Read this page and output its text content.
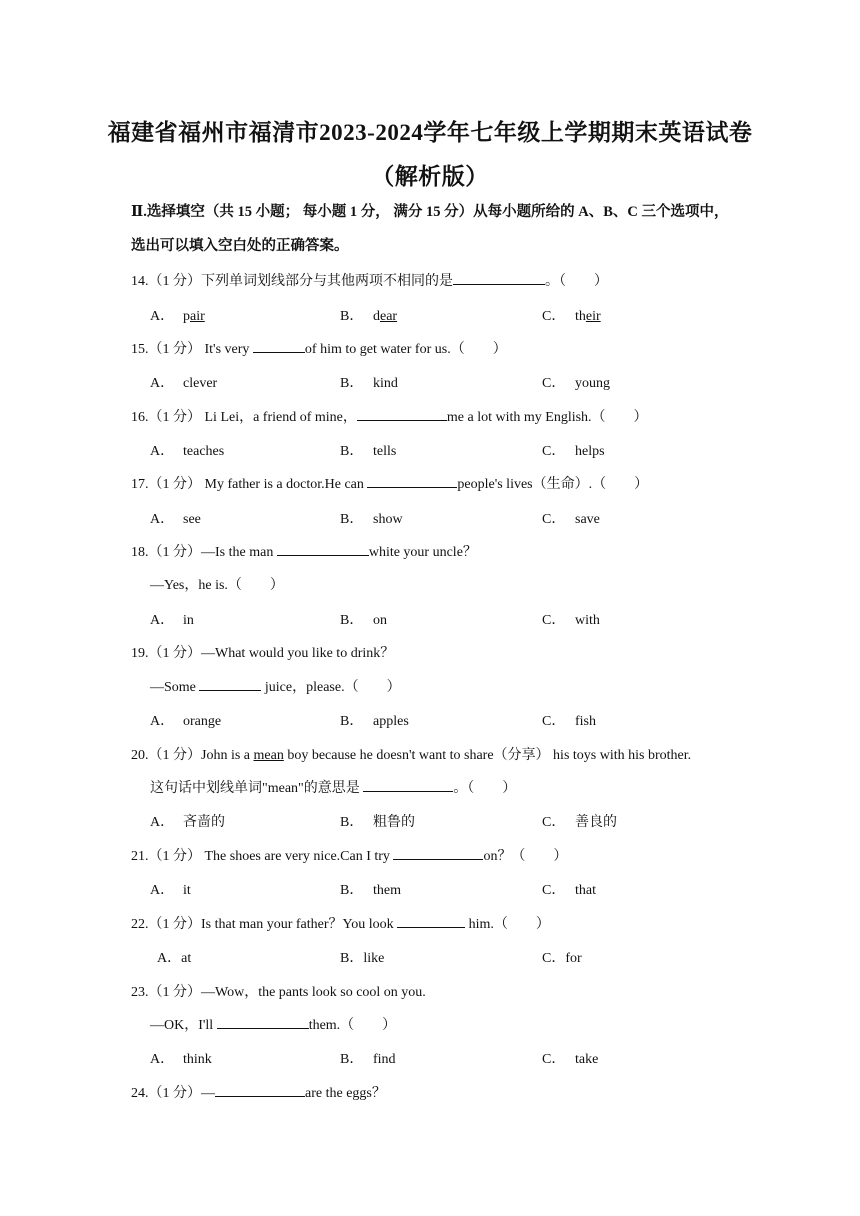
福建省福州市福清市2023-2024学年七年级上学期期末英语试卷
（解析版）
Ⅱ.选择填空（共 15 小题； 每小题 1 分， 满分 15 分）从每小题所给的 A、B、C 三个选项中， 选出可以填入空白处的正确答案。
14.（1 分）下列单词划线部分与其他两项不相同的是	。（　　）
A． pair	B． dear	C． their
15.（1 分） It's very	of him to get water for us.（　　）
A． clever	B． kind	C． young
16.（1 分） Li Lei，a friend of mine，	me a lot with my English.（　　）
A． teaches	B． tells	C． helps
17.（1 分） My father is a doctor.He can	people's lives（生命）.（　　）
A． see	B． show	C． save
18.（1 分）—Is the man	white your uncle？
—Yes，he is.（　　）
A． in	B． on	C． with
19.（1 分）—What would you like to drink？
—Some	juice，please.（　　）
A． orange	B． apples	C． fish
20.（1 分）John is a mean boy because he doesn't want to share（分享） his toys with his brother.
这句话中划线单词"mean"的意思是	。（　　）
A． 吝啬的	B． 粗鲁的	C． 善良的
21.（1 分） The shoes are very nice.Can I try	on？（　　）
A． it	B． them	C． that
22.（1 分）Is that man your father？You look	him.（　　）
A．at	B．like	C．for
23.（1 分）—Wow，the pants look so cool on you.
—OK，I'll	them.（　　）
A． think	B． find	C． take
24.（1 分）—	are the eggs？
